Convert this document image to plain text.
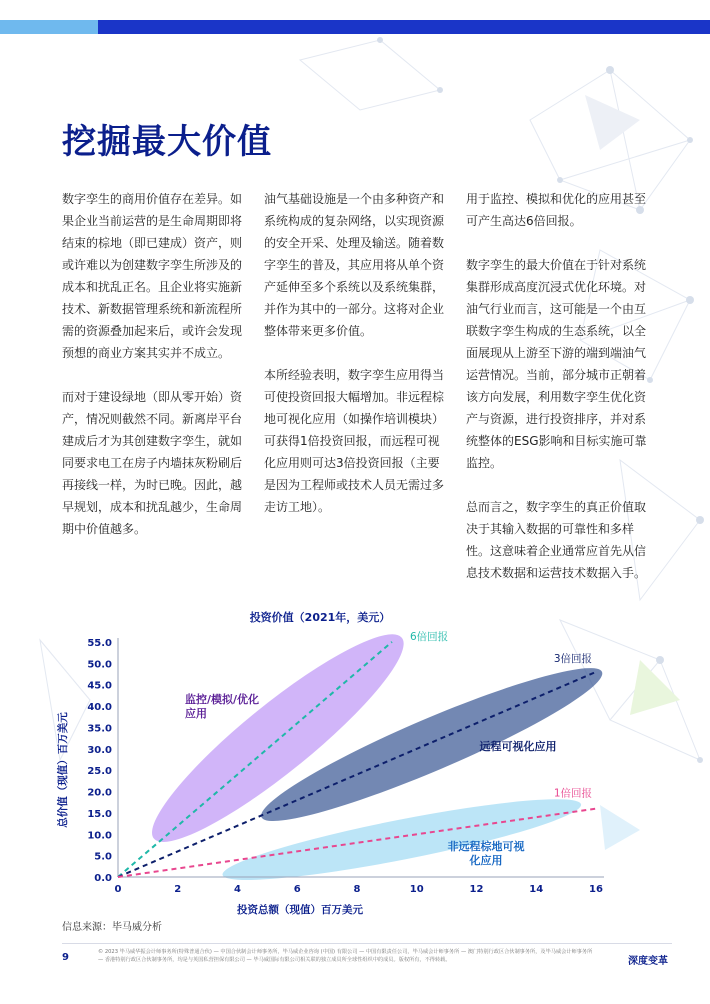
挖掘最大价值

数字孪生的商用价值存在差异。如果企业当前运营的是生命周期即将结束的棕地（即已建成）资产，则或许难以为创建数字孪生所涉及的成本和扰乱正名。且企业将实施新技术、新数据管理系统和新流程所需的资源叠加起来后，或许会发现预想的商业方案其实并不成立。

而对于建设绿地（即从零开始）资产，情况则截然不同。新离岸平台建成后才为其创建数字孪生，就如同要求电工在房子内墙抹灰粉刷后再接线一样，为时已晚。因此，越早规划，成本和扰乱越少，生命周期中价值越多。

油气基础设施是一个由多种资产和系统构成的复杂网络，以实现资源的安全开采、处理及输送。随着数字孪生的普及，其应用将从单个资产延伸至多个系统以及系统集群，并作为其中的一部分。这将对企业整体带来更多价值。

本所经验表明，数字孪生应用得当可使投资回报大幅增加。非远程棕地可视化应用（如操作培训模块）可获得1倍投资回报，而远程可视化应用则可达3倍投资回报（主要是因为工程师或技术人员无需过多走访工地）。

用于监控、模拟和优化的应用甚至可产生高达6倍回报。

数字孪生的最大价值在于针对系统集群形成高度沉浸式优化环境。对油气行业而言，这可能是一个由互联数字孪生构成的生态系统，以全面展现从上游至下游的端到端油气运营情况。当前，部分城市正朝着该方向发展，利用数字孪生优化资产与资源，进行投资排序，并对系统整体的ESG影响和目标实施可靠监控。

总而言之，数字孪生的真正价值取决于其输入数据的可靠性和多样性。这意味着企业通常应首先从信息技术数据和运营技术数据入手。

投资价值（2021年，美元）
0	2	4	6	8	10	12	14	16
0.0
5.0
10.0
15.0
20.0
25.0
30.0
35.0
40.0
45.0
50.0
55.0
监控/模拟/优化应用
远程可视化应用
非远程棕地可视化应用
6倍回报
3倍回报
1倍回报
投资总额（现值）百万美元
总价值（现值）百万美元
信息来源：毕马威分析
9	© 2023 毕马威华振会计师事务所(特殊普通合伙) — 中国合伙制会计师事务所，毕马威企业咨询 (中国) 有限公司 — 中国有限责任公司，毕马威会计师事务所 — 澳门特别行政区合伙制事务所，及毕马威会计师事务所 — 香港特别行政区合伙制事务所，均是与英国私营担保有限公司 — 毕马威国际有限公司相关联的独立成员所全球性组织中的成员。版权所有，不得转载。	深度变革
